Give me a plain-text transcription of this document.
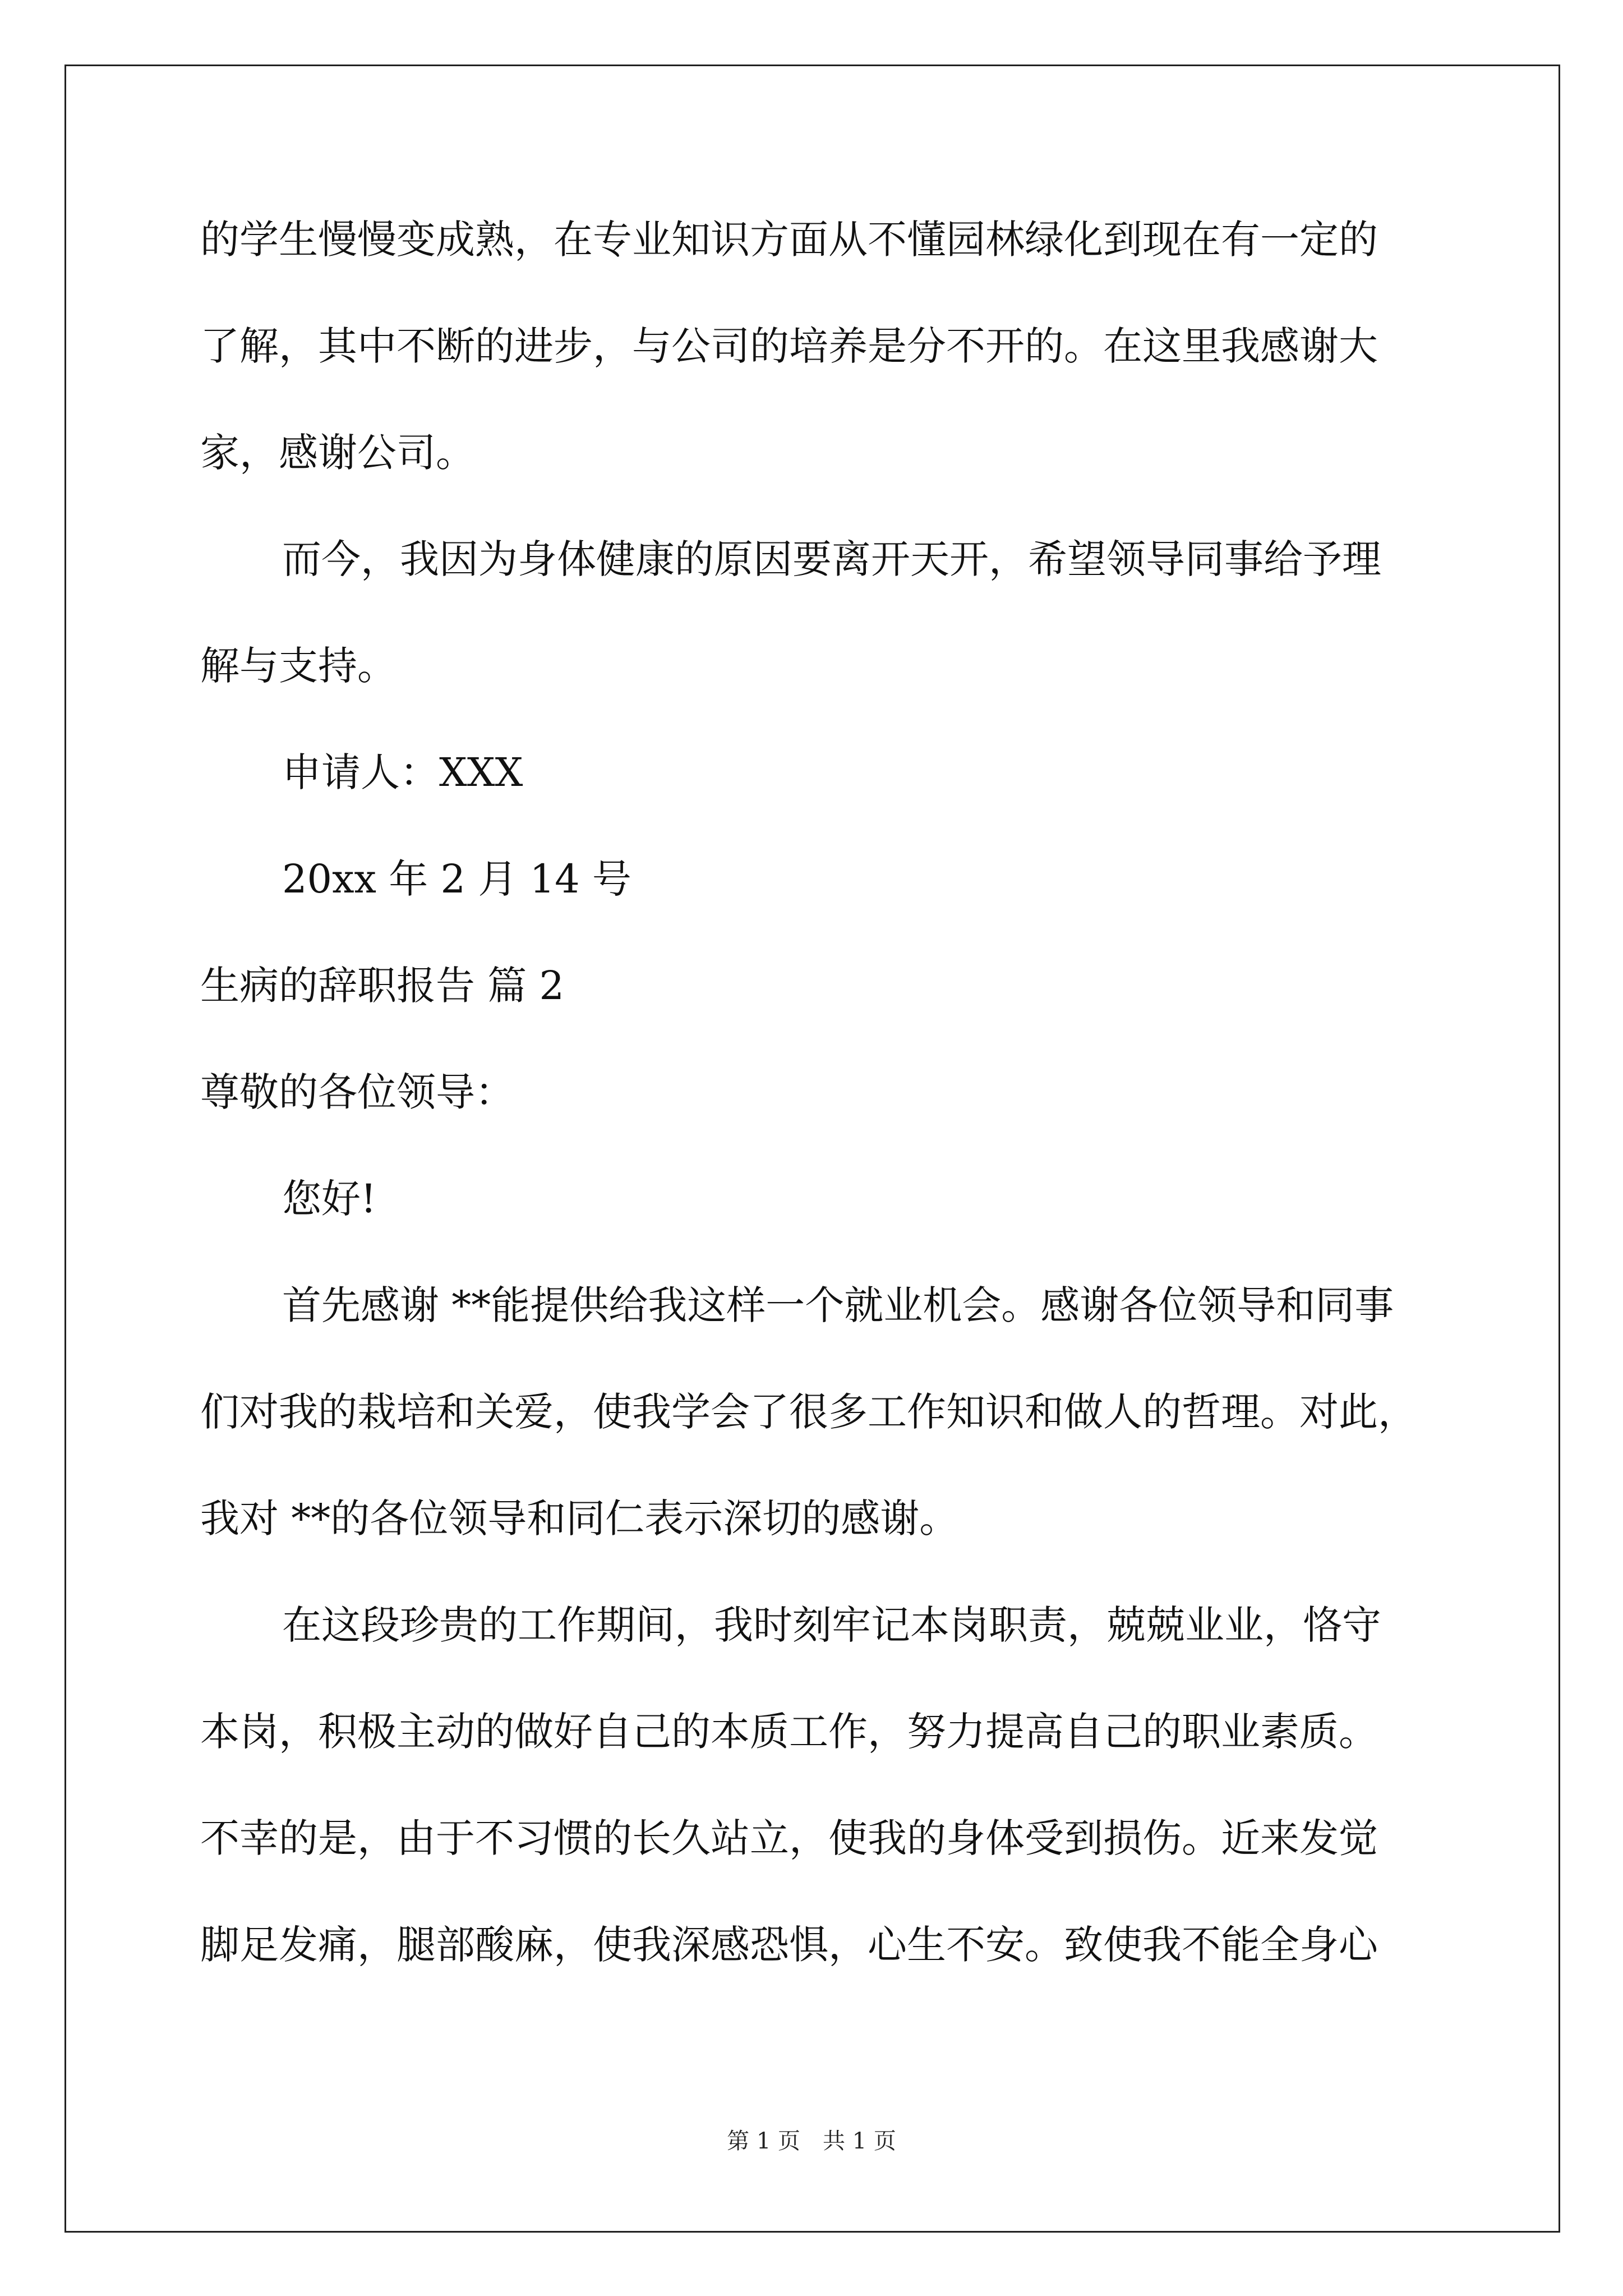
的学生慢慢变成熟，在专业知识方面从不懂园林绿化到现在有一定的
了解，其中不断的进步，与公司的培养是分不开的。在这里我感谢大
家，感谢公司。
而今，我因为身体健康的原因要离开天开，希望领导同事给予理
解与支持。
申请人：XXX
20xx 年 2 月 14 号
生病的辞职报告 篇 2
尊敬的各位领导：
您好!
首先感谢 **能提供给我这样一个就业机会。感谢各位领导和同事
们对我的栽培和关爱，使我学会了很多工作知识和做人的哲理。对此，
我对 **的各位领导和同仁表示深切的感谢。
在这段珍贵的工作期间，我时刻牢记本岗职责，兢兢业业，恪守
本岗，积极主动的做好自己的本质工作，努力提高自己的职业素质。
不幸的是，由于不习惯的长久站立，使我的身体受到损伤。近来发觉
脚足发痛，腿部酸麻，使我深感恐惧，心生不安。致使我不能全身心
第 1 页 共 1 页
